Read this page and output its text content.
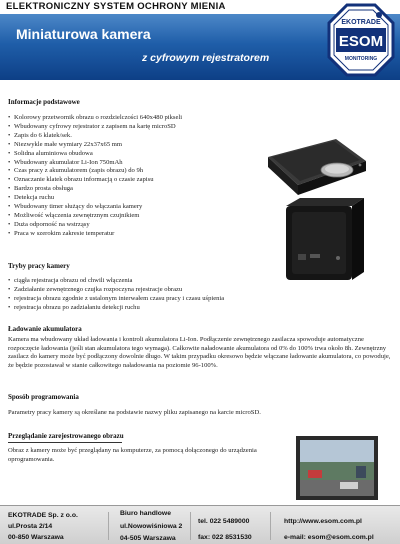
ELEKTRONICZNY SYSTEM OCHRONY MIENIA
Miniaturowa kamera
z cyfrowym rejestratorem
EKOTRADE
ESOM
MONITORING
Informacje podstawowe
• Kolorowy przetwornik obrazu o rozdzielczości 640x480 pikseli
• Wbudowany cyfrowy rejestrator z zapisem na kartę microSD
• Zapis do 6 klatek/sek.
• Niezwykle małe wymiary 22x37x65 mm
• Solidna aluminiowa obudowa
• Wbudowany akumulator Li-Ion 750mAh
• Czas pracy z akumulatorem (zapis obrazu) do 9h
• Oznaczanie klatek obrazu informacją o czasie zapisu
• Bardzo prosta obsługa
• Detekcja ruchu
• Wbudowany timer służący do włączania kamery
• Możliwość włączenia zewnętrznym czujnikiem
• Duża odporność na wstrząsy
• Praca w szerokim zakresie temperatur
Tryby pracy kamery
• ciągła rejestracja obrazu od chwili włączenia
• Zadziałanie zewnętrznego czujka rozpoczyna rejestracje obrazu
• rejestracja obrazu zgodnie z ustalonym interwałem czasu pracy i czasu uśpienia
• rejestracja obrazu po zadziałaniu detekcji ruchu
Ładowanie akumulatora
Kamera ma wbudowany układ ładowania i kontroli akumulatora Li-Ion. Podłączenie zewnętrznego zasilacza spowoduje automatyczne rozpoczęcie ładowania (jeśli stan akumulatora tego wymaga). Całkowite naładowanie akumulatora od 0% do 100% trwa około 8h. Zewnętrzny zasilacz do kamery może być podłączony dowolnie długo. W takim przypadku okresowo będzie włączane ładowanie akumulatora, co powoduje, że będzie pozostawał w stanie całkowitego naładowania na poziomie 96-100%.
Sposób programowania
Parametry pracy kamery są określane na podstawie nazwy pliku zapisanego na karcie microSD.
Przeglądanie zarejestrowanego obrazu
Obraz z kamery może być przeglądany na komputerze, za pomocą dołączonego do urządzenia oprogramowania.
EKOTRADE Sp. z o.o.
ul.Prosta 2/14
00-850 Warszawa
Biuro handlowe
ul.Nowowiśniowa 2
04-505 Warszawa
tel. 022 5489000
fax: 022 8531530
http://www.esom.com.pl
e-mail: esom@esom.com.pl
